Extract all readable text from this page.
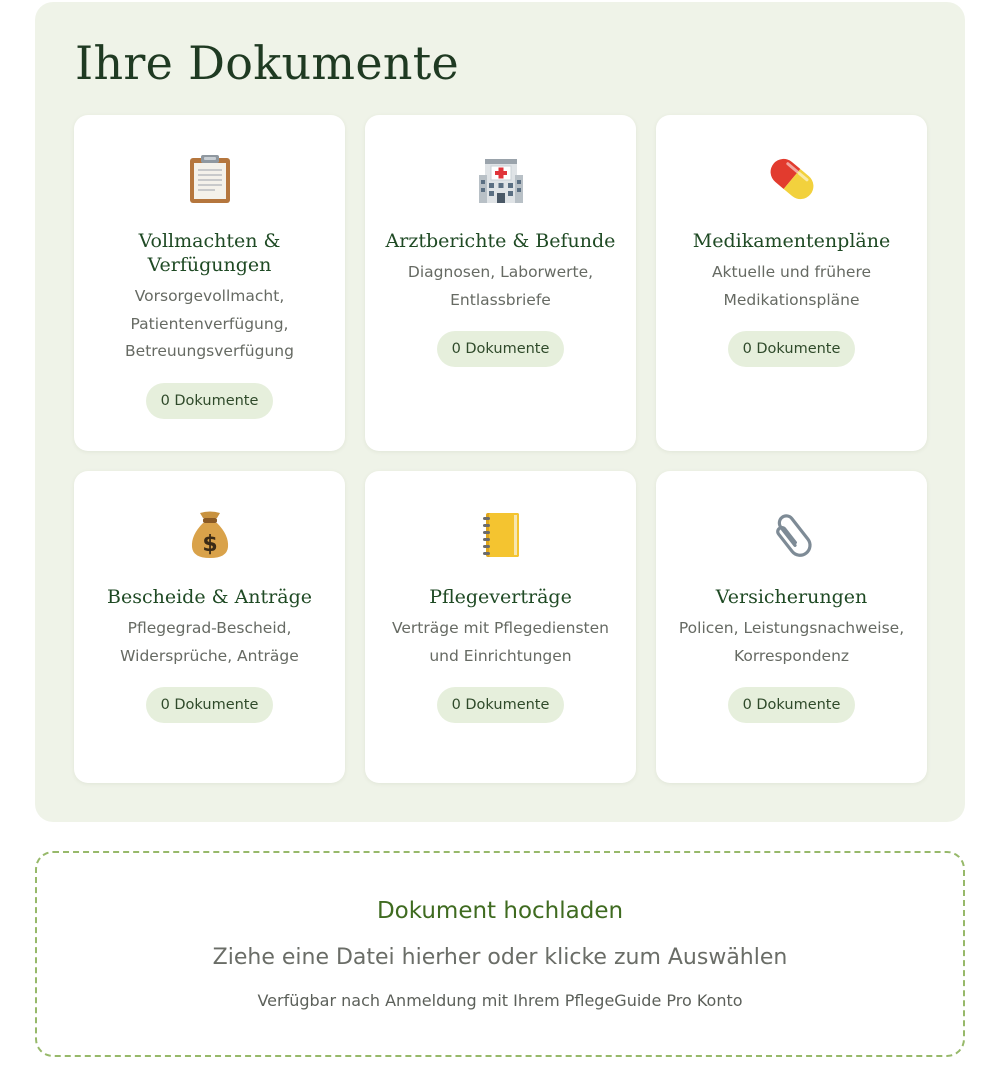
Ihre Dokumente
Vollmachten & Verfügungen

Vorsorgevollmacht, Patientenverfügung, Betreuungsverfügung

0 Dokumente
Arztberichte & Befunde

Diagnosen, Laborwerte, Entlassbriefe

0 Dokumente
Medikamentenpläne

Aktuelle und frühere Medikationspläne

0 Dokumente
$
Bescheide & Anträge

Pflegegrad-Bescheid, Widersprüche, Anträge

0 Dokumente
Pflegeverträge

Verträge mit Pflegediensten und Einrichtungen

0 Dokumente
Versicherungen

Policen, Leistungsnachweise, Korrespondenz

0 Dokumente
Dokument hochladen

Ziehe eine Datei hierher oder klicke zum Auswählen

Verfügbar nach Anmeldung mit Ihrem PflegeGuide Pro Konto
